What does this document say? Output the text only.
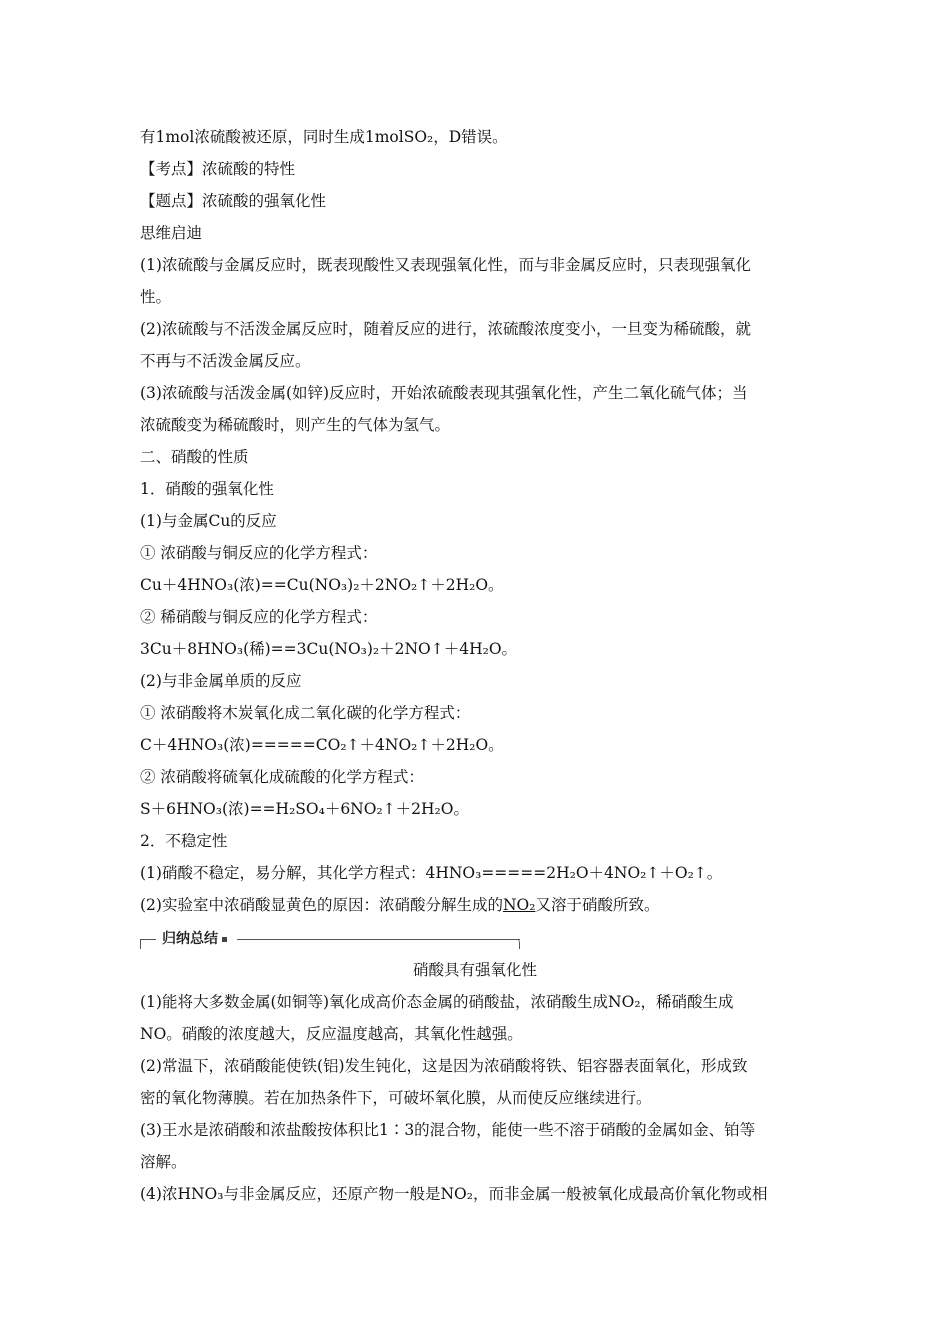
有1mol浓硫酸被还原，同时生成1molSO₂，D错误。
【考点】浓硫酸的特性
【题点】浓硫酸的强氧化性
思维启迪
(1)浓硫酸与金属反应时，既表现酸性又表现强氧化性，而与非金属反应时，只表现强氧化
性。
(2)浓硫酸与不活泼金属反应时，随着反应的进行，浓硫酸浓度变小，一旦变为稀硫酸，就
不再与不活泼金属反应。
(3)浓硫酸与活泼金属(如锌)反应时，开始浓硫酸表现其强氧化性，产生二氧化硫气体；当
浓硫酸变为稀硫酸时，则产生的气体为氢气。
二、硝酸的性质
1．硝酸的强氧化性
(1)与金属Cu的反应
① 浓硝酸与铜反应的化学方程式：
Cu＋4HNO₃(浓)==Cu(NO₃)₂＋2NO₂↑＋2H₂O。
② 稀硝酸与铜反应的化学方程式：
3Cu＋8HNO₃(稀)==3Cu(NO₃)₂＋2NO↑＋4H₂O。
(2)与非金属单质的反应
① 浓硝酸将木炭氧化成二氧化碳的化学方程式：
C＋4HNO₃(浓)=====CO₂↑＋4NO₂↑＋2H₂O。
② 浓硝酸将硫氧化成硫酸的化学方程式：
S＋6HNO₃(浓)==H₂SO₄＋6NO₂↑＋2H₂O。
2．不稳定性
(1)硝酸不稳定，易分解，其化学方程式：4HNO₃=====2H₂O＋4NO₂↑＋O₂↑。
(2)实验室中浓硝酸显黄色的原因：浓硝酸分解生成的NO₂又溶于硝酸所致。
归纳总结
硝酸具有强氧化性
(1)能将大多数金属(如铜等)氧化成高价态金属的硝酸盐，浓硝酸生成NO₂，稀硝酸生成
NO。硝酸的浓度越大，反应温度越高，其氧化性越强。
(2)常温下，浓硝酸能使铁(铝)发生钝化，这是因为浓硝酸将铁、铝容器表面氧化，形成致
密的氧化物薄膜。若在加热条件下，可破坏氧化膜，从而使反应继续进行。
(3)王水是浓硝酸和浓盐酸按体积比1∶3的混合物，能使一些不溶于硝酸的金属如金、铂等
溶解。
(4)浓HNO₃与非金属反应，还原产物一般是NO₂，而非金属一般被氧化成最高价氧化物或相
